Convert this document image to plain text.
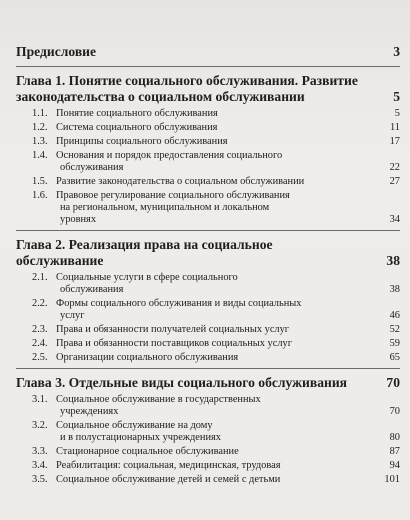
Предисловие	3
Глава 1. Понятие социального обслуживания. Развитие
законодательства о социальном обслуживании	5
1.1. Понятие социального обслуживания	5
1.2. Система социального обслуживания	11
1.3. Принципы социального обслуживания	17
1.4. Основания и порядок предоставления социального
обслуживания	22
1.5. Развитие законодательства о социальном обслуживании	27
1.6. Правовое регулирование социального обслуживания
на региональном, муниципальном и локальном
уровнях	34
Глава 2. Реализация права на социальное
обслуживание	38
2.1. Социальные услуги в сфере социального
обслуживания	38
2.2. Формы социального обслуживания и виды социальных
услуг	46
2.3. Права и обязанности получателей социальных услуг	52
2.4. Права и обязанности поставщиков социальных услуг	59
2.5. Организации социального обслуживания	65
Глава 3. Отдельные виды социального обслуживания	70
3.1. Социальное обслуживание в государственных
учреждениях	70
3.2. Социальное обслуживание на дому
и в полустационарных учреждениях	80
3.3. Стационарное социальное обслуживание	87
3.4. Реабилитация: социальная, медицинская, трудовая	94
3.5. Социальное обслуживание детей и семей с детьми	101
